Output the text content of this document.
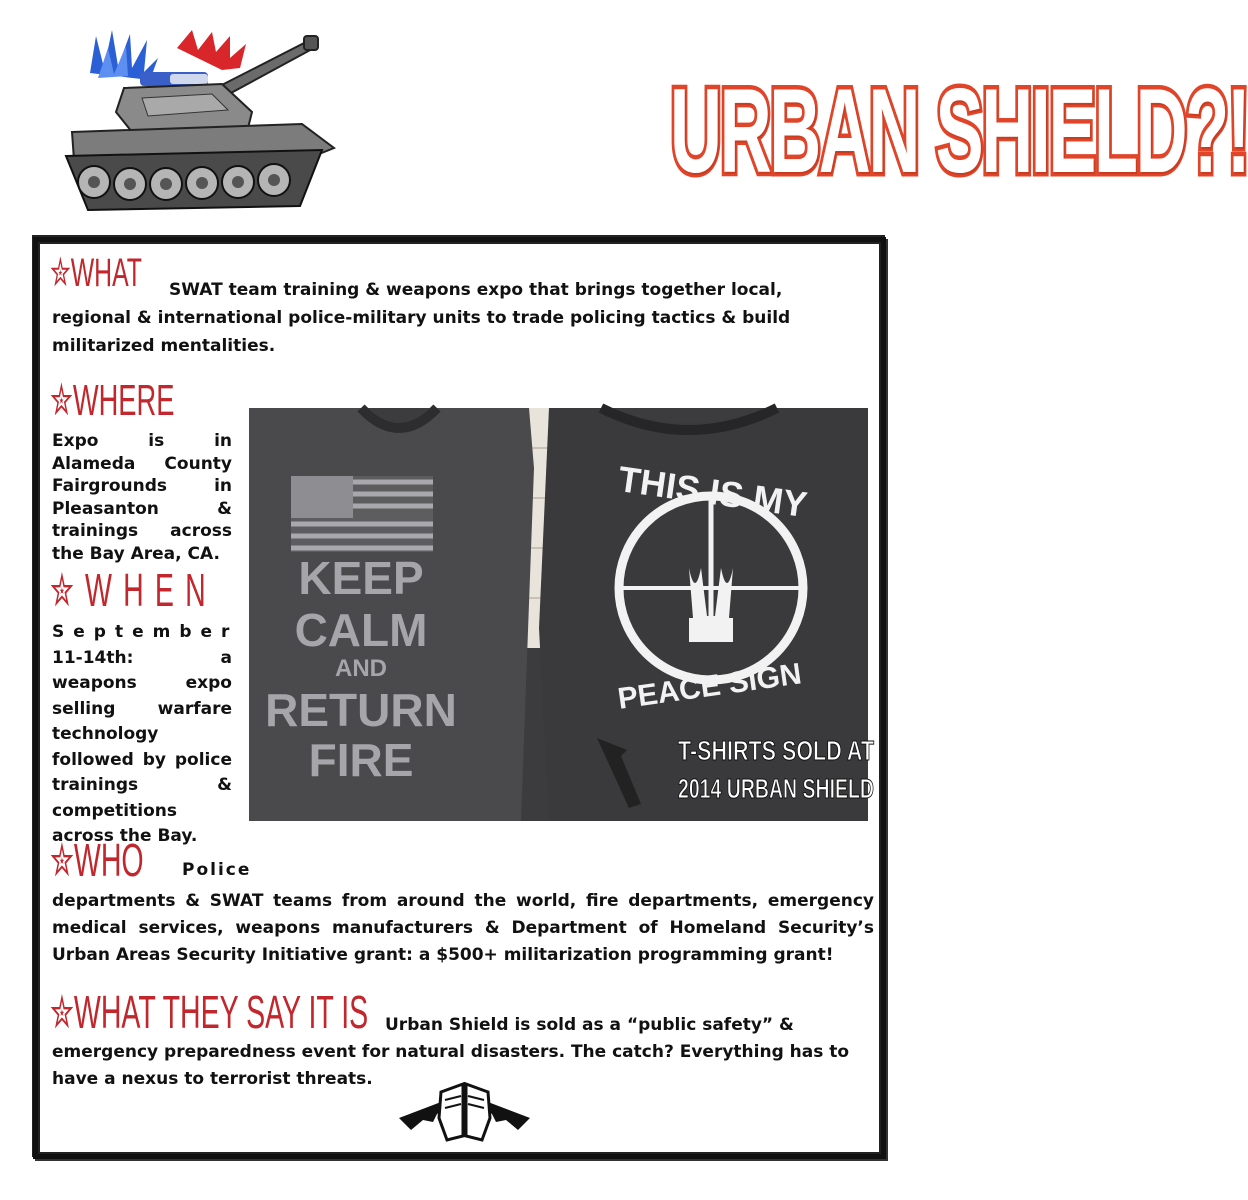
URBAN SHIELD?!
✮WHAT	SWAT team training & weapons expo that brings together local, regional & international police-military units to trade policing tactics & build militarized mentalities.
✮WHERE
Expo is in Alameda County Fairgrounds in Pleasanton & trainings across the Bay Area, CA.
✮WHEN
September 11-14th: a weapons expo selling warfare technology followed by police trainings & competitions across the Bay.
KEEP
CALM
AND
RETURN
FIRE
THIS IS MY
PEACE SIGN
T-SHIRTS SOLD AT
2014 URBAN SHIELD
✮WHO	Police
departments & SWAT teams from around the world, fire departments, emergency medical services, weapons manufacturers & Department of Homeland Security’s Urban Areas Security Initiative grant: a $500+ militarization programming grant!
✮WHAT THEY SAY IT IS Urban Shield is sold as a “public safety” & emergency preparedness event for natural disasters. The catch? Everything has to have a nexus to terrorist threats.
